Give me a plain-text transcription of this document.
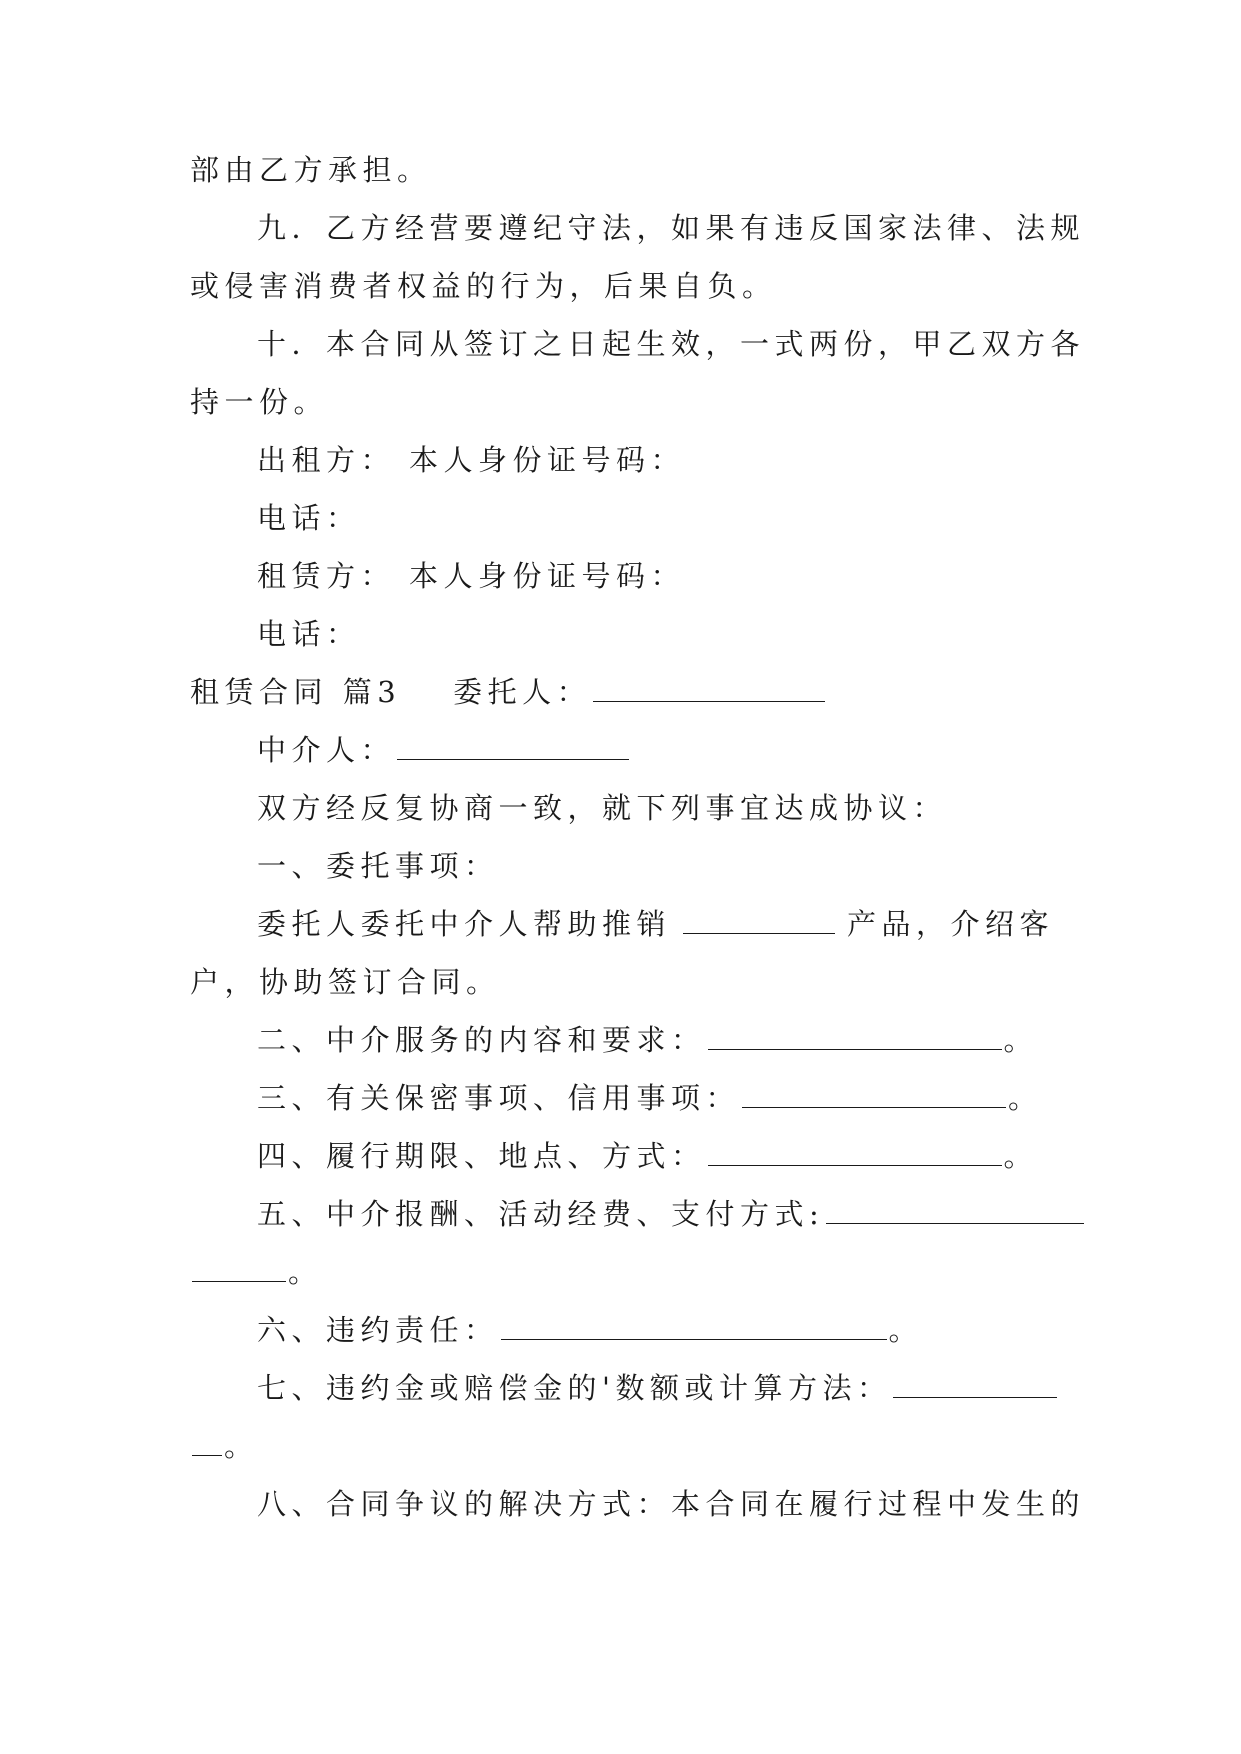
部由乙方承担。
九．乙方经营要遵纪守法，如果有违反国家法律、法规
或侵害消费者权益的行为，后果自负。
十．本合同从签订之日起生效，一式两份，甲乙双方各
持一份。
出租方： 本人身份证号码：
电话：
租赁方： 本人身份证号码：
电话：
租赁合同 篇3 委托人：
中介人：
双方经反复协商一致，就下列事宜达成协议：
一、委托事项：
委托人委托中介人帮助推销	产品，介绍客
户，协助签订合同。
二、中介服务的内容和要求：	。
三、有关保密事项、信用事项：	。
四、履行期限、地点、方式：	。
五、中介报酬、活动经费、支付方式:
。
六、违约责任：	。
七、违约金或赔偿金的'数额或计算方法：
。
八、合同争议的解决方式：本合同在履行过程中发生的
